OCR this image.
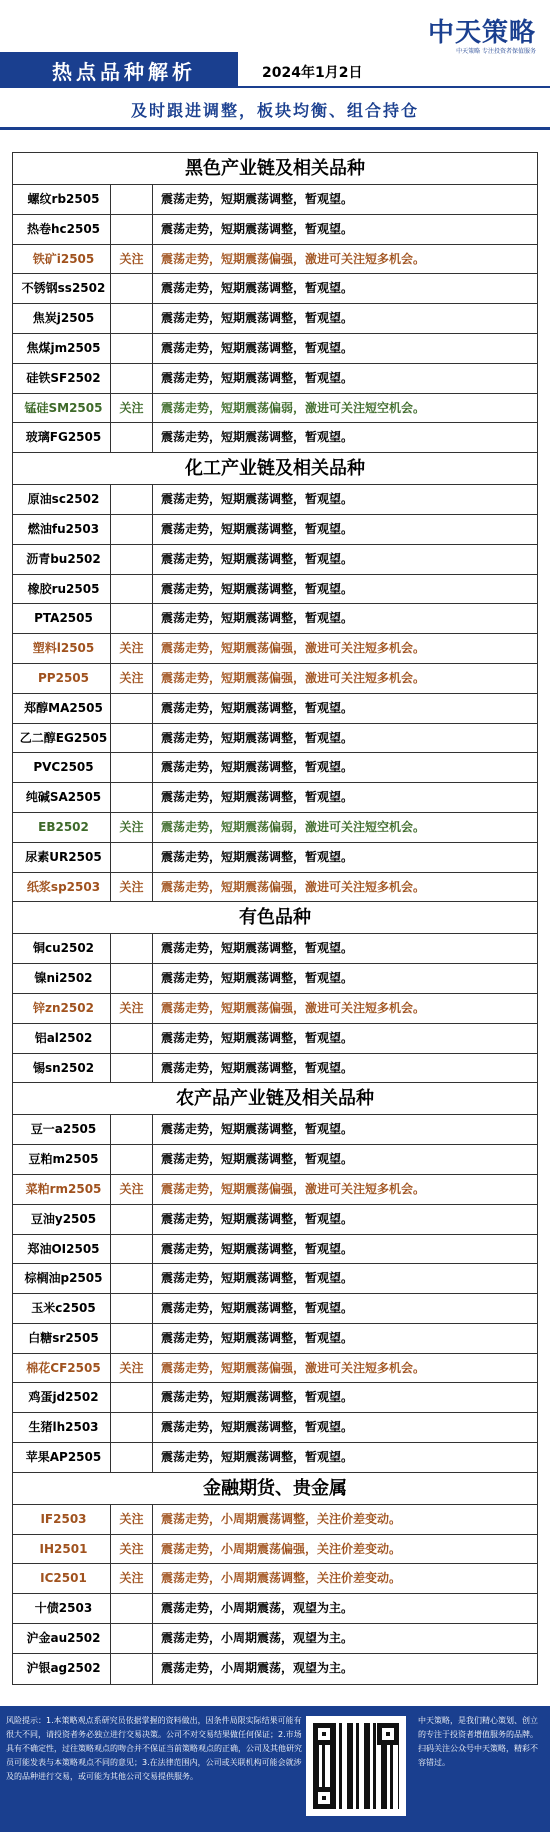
中天策略
中天策略 专注投资者保值服务
热点品种解析	2024年1月2日
及时跟进调整，板块均衡、组合持仓
黑色产业链及相关品种
螺纹rb2505	震荡走势，短期震荡调整，暂观望。
热卷hc2505	震荡走势，短期震荡调整，暂观望。
铁矿i2505	关注	震荡走势，短期震荡偏强，激进可关注短多机会。
不锈钢ss2502	震荡走势，短期震荡调整，暂观望。
焦炭j2505	震荡走势，短期震荡调整，暂观望。
焦煤jm2505	震荡走势，短期震荡调整，暂观望。
硅铁SF2502	震荡走势，短期震荡调整，暂观望。
锰硅SM2505	关注	震荡走势，短期震荡偏弱，激进可关注短空机会。
玻璃FG2505	震荡走势，短期震荡调整，暂观望。
化工产业链及相关品种
原油sc2502	震荡走势，短期震荡调整，暂观望。
燃油fu2503	震荡走势，短期震荡调整，暂观望。
沥青bu2502	震荡走势，短期震荡调整，暂观望。
橡胶ru2505	震荡走势，短期震荡调整，暂观望。
PTA2505	震荡走势，短期震荡调整，暂观望。
塑料l2505	关注	震荡走势，短期震荡偏强，激进可关注短多机会。
PP2505	关注	震荡走势，短期震荡偏强，激进可关注短多机会。
郑醇MA2505	震荡走势，短期震荡调整，暂观望。
乙二醇EG2505	震荡走势，短期震荡调整，暂观望。
PVC2505	震荡走势，短期震荡调整，暂观望。
纯碱SA2505	震荡走势，短期震荡调整，暂观望。
EB2502	关注	震荡走势，短期震荡偏弱，激进可关注短空机会。
尿素UR2505	震荡走势，短期震荡调整，暂观望。
纸浆sp2503	关注	震荡走势，短期震荡偏强，激进可关注短多机会。
有色品种
铜cu2502	震荡走势，短期震荡调整，暂观望。
镍ni2502	震荡走势，短期震荡调整，暂观望。
锌zn2502	关注	震荡走势，短期震荡偏强，激进可关注短多机会。
铝al2502	震荡走势，短期震荡调整，暂观望。
锡sn2502	震荡走势，短期震荡调整，暂观望。
农产品产业链及相关品种
豆一a2505	震荡走势，短期震荡调整，暂观望。
豆粕m2505	震荡走势，短期震荡调整，暂观望。
菜粕rm2505	关注	震荡走势，短期震荡偏强，激进可关注短多机会。
豆油y2505	震荡走势，短期震荡调整，暂观望。
郑油OI2505	震荡走势，短期震荡调整，暂观望。
棕榈油p2505	震荡走势，短期震荡调整，暂观望。
玉米c2505	震荡走势，短期震荡调整，暂观望。
白糖sr2505	震荡走势，短期震荡调整，暂观望。
棉花CF2505	关注	震荡走势，短期震荡偏强，激进可关注短多机会。
鸡蛋jd2502	震荡走势，短期震荡调整，暂观望。
生猪lh2503	震荡走势，短期震荡调整，暂观望。
苹果AP2505	震荡走势，短期震荡调整，暂观望。
金融期货、贵金属
IF2503	关注	震荡走势，小周期震荡调整，关注价差变动。
IH2501	关注	震荡走势，小周期震荡偏强，关注价差变动。
IC2501	关注	震荡走势，小周期震荡调整，关注价差变动。
十债2503	震荡走势，小周期震荡，观望为主。
沪金au2502	震荡走势，小周期震荡，观望为主。
沪银ag2502	震荡走势，小周期震荡，观望为主。
风险提示：1.本策略观点系研究员依据掌握的资料做出，因条件局限实际结果可能有很大不同，请投资者务必独立进行交易决策。公司不对交易结果做任何保证；2.市场具有不确定性，过往策略观点的吻合并不保证当前策略观点的正确，公司及其他研究员可能发表与本策略观点不同的意见；3.在法律范围内，公司或关联机构可能会就涉及的品种进行交易，或可能为其他公司交易提供服务。
中天策略，是我们精心策划、创立的专注于投资者增值服务的品牌。扫码关注公众号中天策略，精彩不容错过。
